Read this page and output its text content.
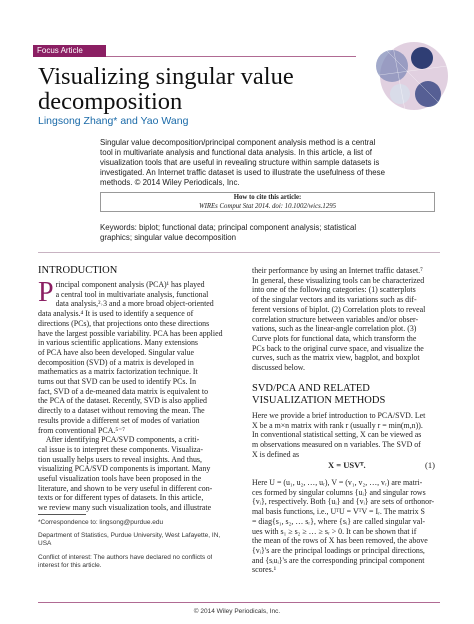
Focus Article
Visualizing singular value
decomposition
Lingsong Zhang* and Yao Wang
Singular value decomposition/principal component analysis method is a central
tool in multivariate analysis and functional data analysis. In this article, a list of
visualization tools that are useful in revealing structure within sample datasets is
investigated. An Internet traffic dataset is used to illustrate the usefulness of these
methods. © 2014 Wiley Periodicals, Inc.
How to cite this article:
WIREs Comput Stat 2014. doi: 10.1002/wics.1295
Keywords: biplot; functional data; principal component analysis; statistical
graphics; singular value decomposition
INTRODUCTION
P rincipal component analysis (PCA)¹ has played
a central tool in multivariate analysis, functional
data analysis,²˒3 and a more broad object-oriented
data analysis.⁴ It is used to identify a sequence of
directions (PCs), that projections onto these directions
have the largest possible variability. PCA has been applied
in various scientific applications. Many extensions
of PCA have also been developed. Singular value
decomposition (SVD) of a matrix is developed in
mathematics as a matrix factorization technique. It
turns out that SVD can be used to identify PCs. In
fact, SVD of a de-meaned data matrix is equivalent to
the PCA of the dataset. Recently, SVD is also applied
directly to a dataset without removing the mean. The
results provide a different set of modes of variation
from conventional PCA.⁵⁻⁷
 After identifying PCA/SVD components, a criti-
cal issue is to interpret these components. Visualiza-
tion usually helps users to reveal insights. And thus,
visualizing PCA/SVD components is important. Many
useful visualization tools have been proposed in the
literature, and shown to be very useful in different con-
texts or for different types of datasets. In this article,
we review many such visualization tools, and illustrate
*Correspondence to: lingsong@purdue.edu
Department of Statistics, Purdue University, West Lafayette, IN,
USA
Conflict of interest: The authors have declared no conflicts of
interest for this article.
their performance by using an Internet traffic dataset.⁷
In general, these visualizing tools can be characterized
into one of the following categories: (1) scatterplots
of the singular vectors and its variations such as dif-
ferent versions of biplot. (2) Correlation plots to reveal
correlation structure between variables and/or obser-
vations, such as the linear-angle correlation plot. (3)
Curve plots for functional data, which transform the
PCs back to the original curve space, and visualize the
curves, such as the matrix view, bagplot, and boxplot
discussed below.
SVD/PCA AND RELATED
VISUALIZATION METHODS
Here we provide a brief introduction to PCA/SVD. Let
X be a m×n matrix with rank r (usually r = min(m,n)).
In conventional statistical setting, X can be viewed as
m observations measured on n variables. The SVD of
X is defined as
X = USVᵀ.	(1)
Here U = (u₁, u₂, …, uᵣ), V = (v₁, v₂, …, vᵣ) are matri-
ces formed by singular columns {uᵢ} and singular rows
{vᵢ}, respectively. Both {uᵢ} and {vᵢ} are sets of orthonor-
mal basis functions, i.e., UᵀU = VᵀV = Iᵣ. The matrix S
= diag{s₁, s₂, … sᵣ}, where {sᵢ} are called singular val-
ues with s₁ ≥ s₂ ≥ … ≥ sᵣ > 0. It can be shown that if
the mean of the rows of X has been removed, the above
{vᵢ}'s are the principal loadings or principal directions,
and {sᵢuᵢ}'s are the corresponding principal component
scores.¹
© 2014 Wiley Periodicals, Inc.
